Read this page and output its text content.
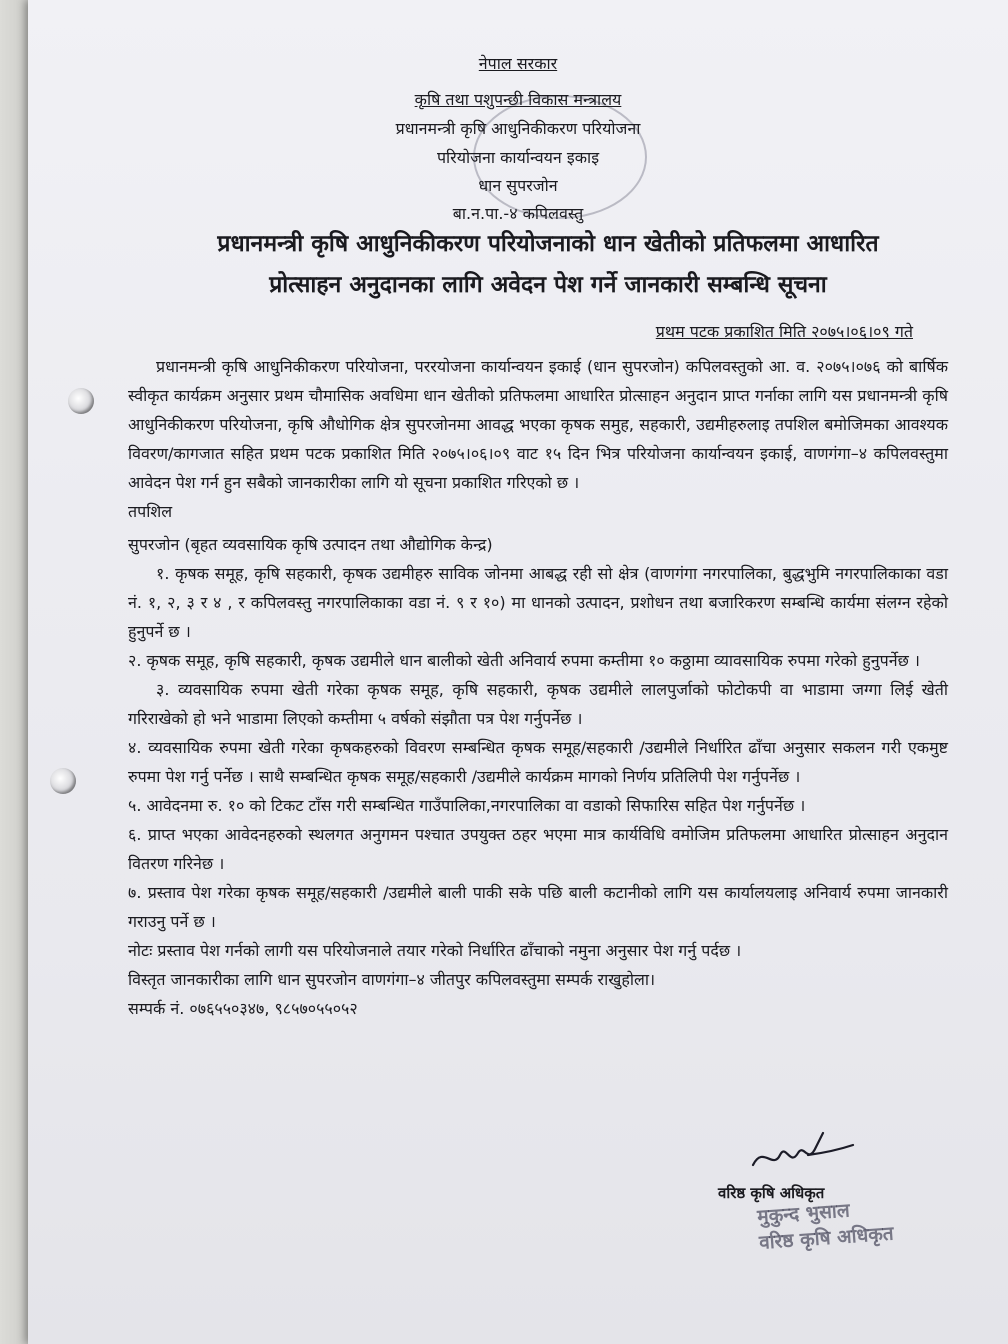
नेपाल सरकार
कृषि तथा पशुपन्छी विकास मन्त्रालय
प्रधानमन्त्री कृषि आधुनिकीकरण परियोजना
परियोजना कार्यान्वयन इकाइ
धान सुपरजोन
बा.न.पा.-४ कपिलवस्तु
प्रधानमन्त्री कृषि आधुनिकीकरण परियोजनाको धान खेतीको प्रतिफलमा आधारित
प्रोत्साहन अनुदानका लागि अवेदन पेश गर्ने जानकारी सम्बन्धि सूचना
प्रथम पटक प्रकाशित मिति २०७५।०६।०९ गते

प्रधानमन्त्री कृषि आधुनिकीकरण परियोजना, पररयोजना कार्यान्वयन इकाई (धान सुपरजोन) कपिलवस्तुको आ. व. २०७५।०७६ को बार्षिक स्वीकृत कार्यक्रम अनुसार प्रथम चौमासिक अवधिमा धान खेतीको प्रतिफलमा आधारित प्रोत्साहन अनुदान प्राप्त गर्नाका लागि यस प्रधानमन्त्री कृषि आधुनिकीकरण परियोजना, कृषि औधोगिक क्षेत्र सुपरजोनमा आवद्ध भएका कृषक समुह, सहकारी, उद्यमीहरुलाइ तपशिल बमोजिमका आवश्यक विवरण/कागजात सहित प्रथम पटक प्रकाशित मिति २०७५।०६।०९ वाट १५ दिन भित्र परियोजना कार्यान्वयन इकाई, वाणगंगा–४ कपिलवस्तुमा आवेदन पेश गर्न हुन सबैको जानकारीका लागि यो सूचना प्रकाशित गरिएको छ ।

तपशिल

सुपरजोन (बृहत व्यवसायिक कृषि उत्पादन तथा औद्योगिक केन्द्र)

१. कृषक समूह, कृषि सहकारी, कृषक उद्यमीहरु साविक जोनमा आबद्ध रही सो क्षेत्र (वाणगंगा नगरपालिका, बुद्धभुमि नगरपालिकाका वडा नं. १, २, ३ र ४ , र कपिलवस्तु नगरपालिकाका वडा नं. ९ र १०) मा धानको उत्पादन, प्रशोधन तथा बजारिकरण सम्बन्धि कार्यमा संलग्न रहेको हुनुपर्ने छ ।

२. कृषक समूह, कृषि सहकारी, कृषक उद्यमीले धान बालीको खेती अनिवार्य रुपमा कम्तीमा १० कठ्ठामा व्यावसायिक रुपमा गरेको हुनुपर्नेछ ।

३. व्यवसायिक रुपमा खेती गरेका कृषक समूह, कृषि सहकारी, कृषक उद्यमीले लालपुर्जाको फोटोकपी वा भाडामा जग्गा लिई खेती गरिराखेको हो भने भाडामा लिएको कम्तीमा ५ वर्षको संझौता पत्र पेश गर्नुपर्नेछ ।

४. व्यवसायिक रुपमा खेती गरेका कृषकहरुको विवरण सम्बन्धित कृषक समूह/सहकारी /उद्यमीले निर्धारित ढाँचा अनुसार सकलन गरी एकमुष्ट रुपमा पेश गर्नु पर्नेछ । साथै सम्बन्धित कृषक समूह/सहकारी /उद्यमीले कार्यक्रम मागको निर्णय प्रतिलिपी पेश गर्नुपर्नेछ ।

५. आवेदनमा रु. १० को टिकट टाँस गरी सम्बन्धित गाउँपालिका,नगरपालिका वा वडाको सिफारिस सहित पेश गर्नुपर्नेछ ।

६. प्राप्त भएका आवेदनहरुको स्थलगत अनुगमन पश्चात उपयुक्त ठहर भएमा मात्र कार्यविधि वमोजिम प्रतिफलमा आधारित प्रोत्साहन अनुदान वितरण गरिनेछ ।

७. प्रस्ताव पेश गरेका कृषक समूह/सहकारी /उद्यमीले बाली पाकी सके पछि बाली कटानीको लागि यस कार्यालयलाइ अनिवार्य रुपमा जानकारी गराउनु पर्ने छ ।

नोटः प्रस्ताव पेश गर्नको लागी यस परियोजनाले तयार गरेको निर्धारित ढाँचाको नमुना अनुसार पेश गर्नु पर्दछ ।

विस्तृत जानकारीका लागि धान सुपरजोन वाणगंगा–४ जीतपुर कपिलवस्तुमा सम्पर्क राखुहोला।

सम्पर्क नं. ०७६५५०३४७, ९८५७०५५०५२

वरिष्ठ कृषि अधिकृत
मुकुन्द भुसाल
वरिष्ठ कृषि अधिकृत
